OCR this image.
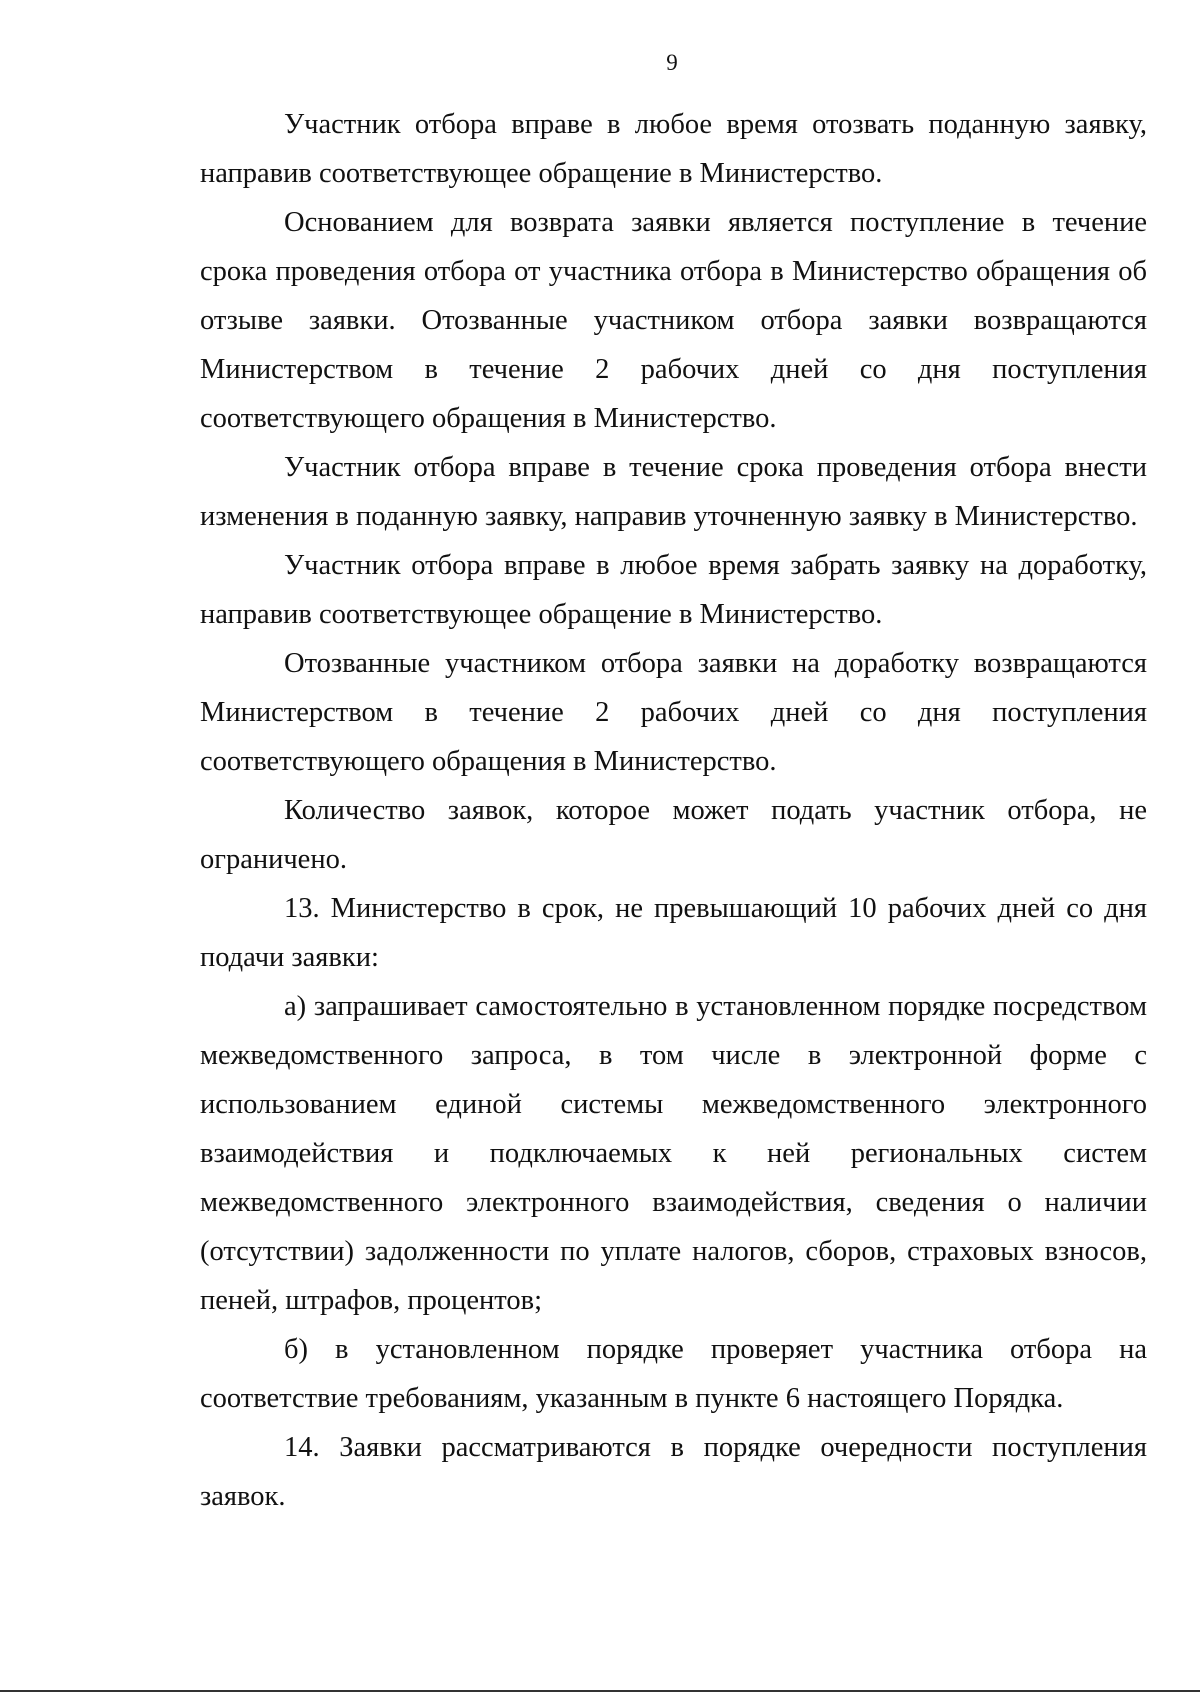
9

Участник отбора вправе в любое время отозвать поданную заявку, направив соответствующее обращение в Министерство.

Основанием для возврата заявки является поступление в течение срока проведения отбора от участника отбора в Министерство обращения об отзыве заявки. Отозванные участником отбора заявки возвращаются Министерством в течение 2 рабочих дней со дня поступления соответствующего обращения в Министерство.

Участник отбора вправе в течение срока проведения отбора внести изменения в поданную заявку, направив уточненную заявку в Министерство.

Участник отбора вправе в любое время забрать заявку на доработку, направив соответствующее обращение в Министерство.

Отозванные участником отбора заявки на доработку возвращаются Министерством в течение 2 рабочих дней со дня поступления соответствующего обращения в Министерство.

Количество заявок, которое может подать участник отбора, не ограничено.

13. Министерство в срок, не превышающий 10 рабочих дней со дня подачи заявки:

а) запрашивает самостоятельно в установленном порядке посредством межведомственного запроса, в том числе в электронной форме с использованием единой системы межведомственного электронного взаимодействия и подключаемых к ней региональных систем межведомственного электронного взаимодействия, сведения о наличии (отсутствии) задолженности по уплате налогов, сборов, страховых взносов, пеней, штрафов, процентов;

б) в установленном порядке проверяет участника отбора на соответствие требованиям, указанным в пункте 6 настоящего Порядка.

14. Заявки рассматриваются в порядке очередности поступления заявок.
